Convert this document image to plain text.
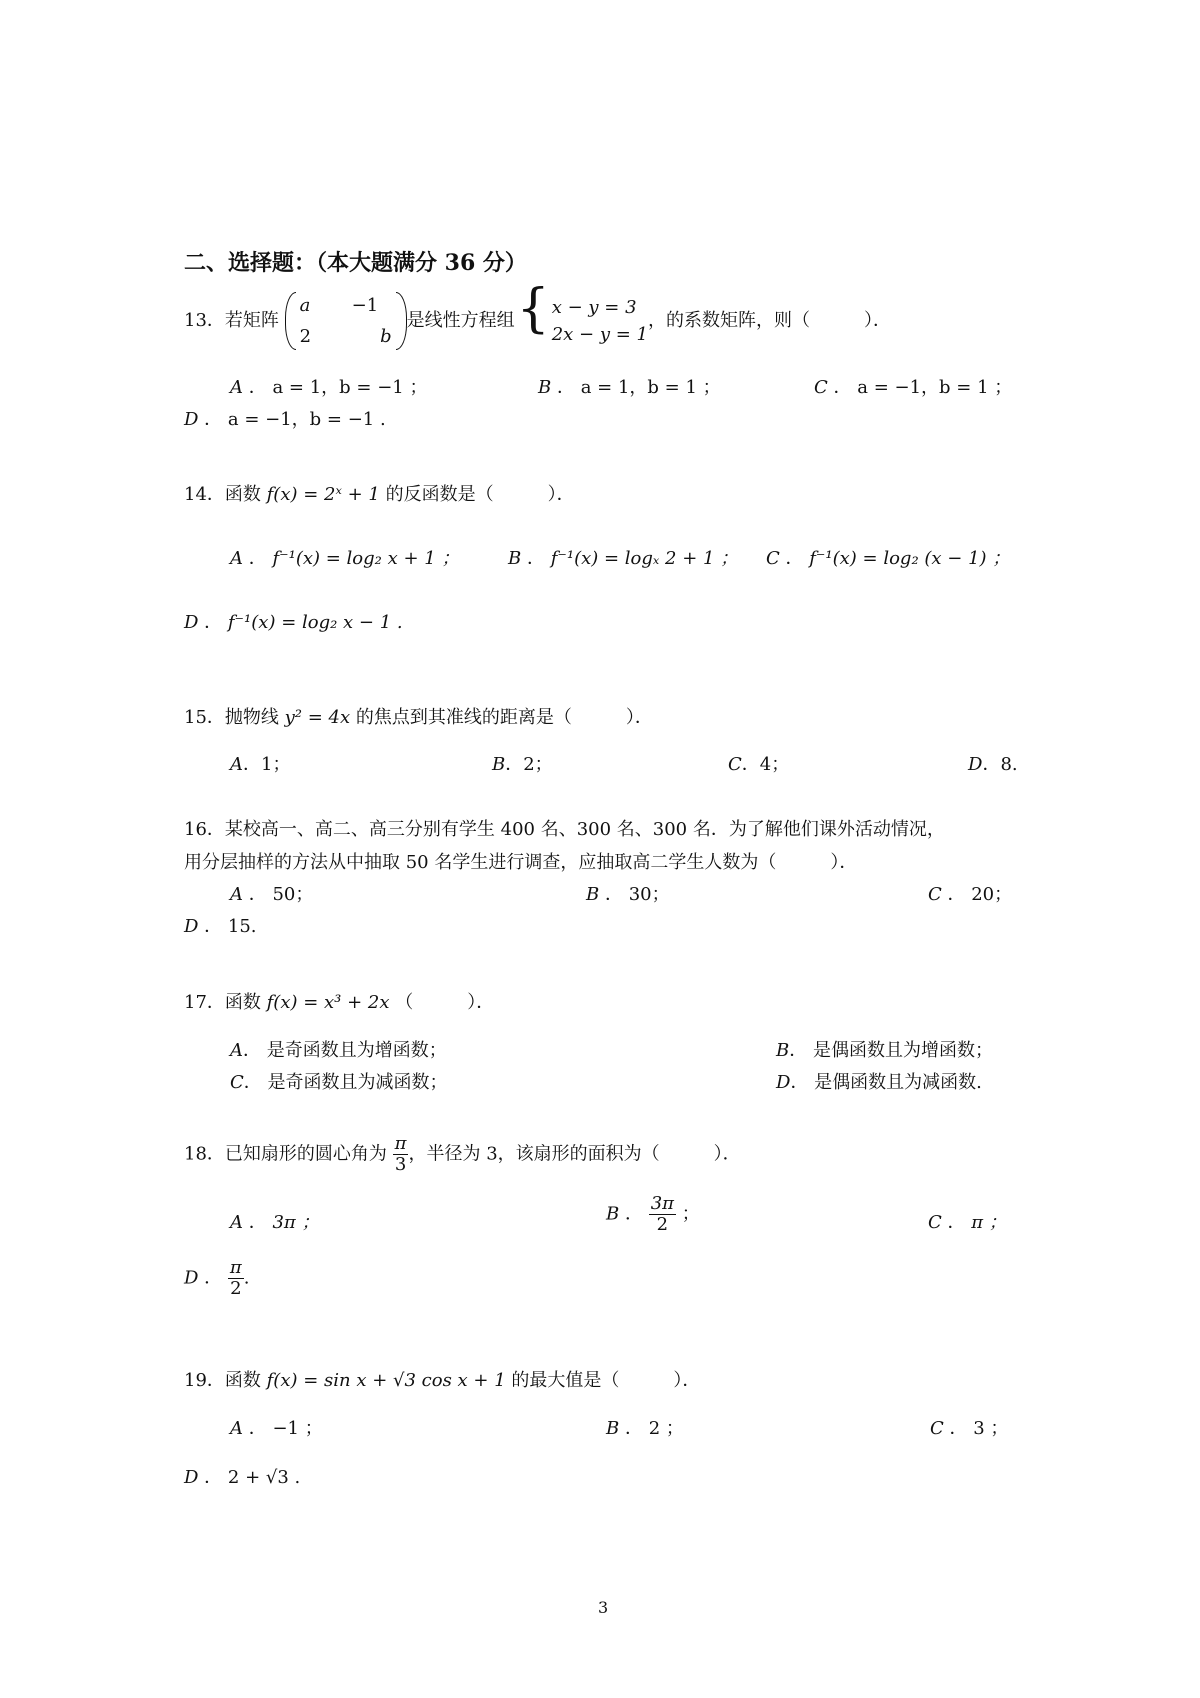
二、选择题：（本大题满分 36 分）
13．若矩阵
a	−1
2	b
是线性方程组{ x − y = 3
2x − y = 1
，的系数矩阵，则（　　　）．
A ． a = 1，b = −1 ；	B ． a = 1，b = 1 ；	C ． a = −1，b = 1 ；
D ． a = −1，b = −1 .
14．函数 f(x) = 2ˣ + 1 的反函数是（　　　）．
A ． f⁻¹(x) = log₂ x + 1 ；	B ． f⁻¹(x) = logₓ 2 + 1 ； C ． f⁻¹(x) = log₂ (x − 1) ；
D ． f⁻¹(x) = log₂ x − 1 .
15．抛物线 y² = 4x 的焦点到其准线的距离是（　　　）．
A．1；	B．2；	C．4；	D．8.
16．某校高一、高二、高三分别有学生 400 名、300 名、300 名．为了解他们课外活动情况，
用分层抽样的方法从中抽取 50 名学生进行调查，应抽取高二学生人数为（　　　）．
A ． 50；	B ． 30；	C ． 20；
D ． 15.
17．函数 f(x) = x³ + 2x （　　　）．
A． 是奇函数且为增函数；	B． 是偶函数且为增函数；
C． 是奇函数且为减函数；	D． 是偶函数且为减函数.
18．已知扇形的圆心角为 $\frac{\pi}{3}$ ，半径为 3，该扇形的面积为（　　　）．
A ． 3π ；	B ． $\frac{3\pi}{2}$ ；	C ． π ；
D ． $\frac{\pi}{2}$ .
19．函数 f(x) = sin x + √3 cos x + 1 的最大值是（　　　）．
A ． −1 ；	B ． 2 ；	C ． 3 ；
D ． 2 + √3 .
3
